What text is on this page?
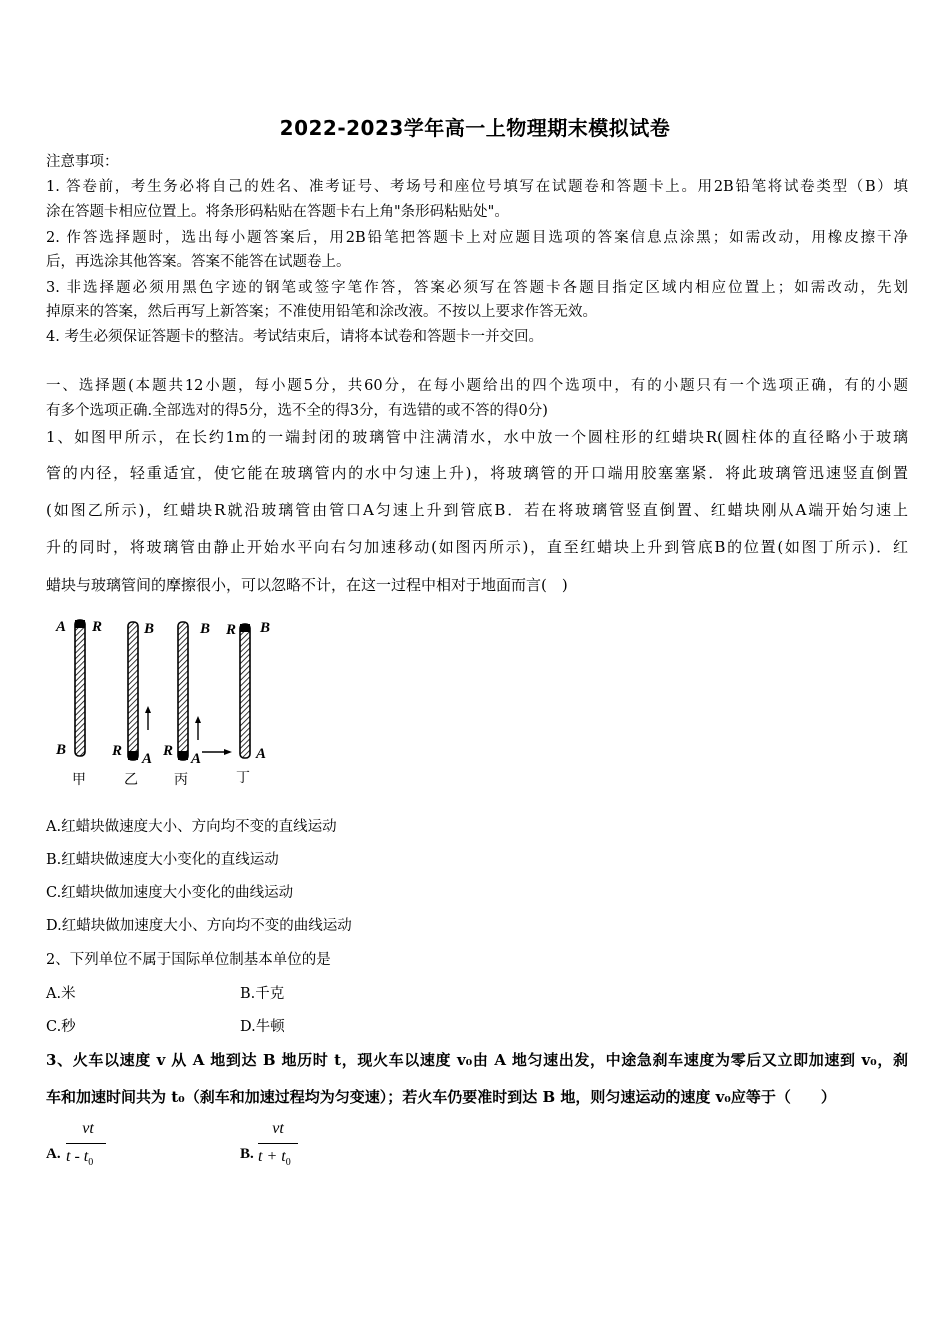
2022-2023学年高一上物理期末模拟试卷
注意事项：
1. 答卷前，考生务必将自己的姓名、准考证号、考场号和座位号填写在试题卷和答题卡上。用2B铅笔将试卷类型（B）填
涂在答题卡相应位置上。将条形码粘贴在答题卡右上角"条形码粘贴处"。
2. 作答选择题时，选出每小题答案后，用2B铅笔把答题卡上对应题目选项的答案信息点涂黑；如需改动，用橡皮擦干净
后，再选涂其他答案。答案不能答在试题卷上。
3. 非选择题必须用黑色字迹的钢笔或签字笔作答，答案必须写在答题卡各题目指定区域内相应位置上；如需改动，先划
掉原来的答案，然后再写上新答案；不准使用铅笔和涂改液。不按以上要求作答无效。
4. 考生必须保证答题卡的整洁。考试结束后，请将本试卷和答题卡一并交回。
一、选择题(本题共12小题，每小题5分，共60分，在每小题给出的四个选项中，有的小题只有一个选项正确，有的小题
有多个选项正确.全部选对的得5分，选不全的得3分，有选错的或不答的得0分)
1、如图甲所示，在长约1m的一端封闭的玻璃管中注满清水，水中放一个圆柱形的红蜡块R(圆柱体的直径略小于玻璃
管的内径，轻重适宜，使它能在玻璃管内的水中匀速上升)，将玻璃管的开口端用胶塞塞紧．将此玻璃管迅速竖直倒置
(如图乙所示)，红蜡块R就沿玻璃管由管口A匀速上升到管底B．若在将玻璃管竖直倒置、红蜡块刚从A端开始匀速上
升的同时，将玻璃管由静止开始水平向右匀加速移动(如图丙所示)，直至红蜡块上升到管底B的位置(如图丁所示)．红
蜡块与玻璃管间的摩擦很小，可以忽略不计，在这一过程中相对于地面而言(　)
A R
B
甲
B
R A
乙
B
R A
丙
R B
A
丁
A.红蜡块做速度大小、方向均不变的直线运动
B.红蜡块做速度大小变化的直线运动
C.红蜡块做加速度大小变化的曲线运动
D.红蜡块做加速度大小、方向均不变的曲线运动
2、下列单位不属于国际单位制基本单位的是
A.米	B.千克
C.秒	D.牛顿
3、火车以速度 v 从 A 地到达 B 地历时 t，现火车以速度 v₀由 A 地匀速出发，中途急刹车速度为零后又立即加速到 v₀，刹
车和加速时间共为 t₀（刹车和加速过程均为匀变速）；若火车仍要准时到达 B 地，则匀速运动的速度 v₀应等于（　　）
A.
vt
t - $t_0$
B.
vt
$t + t_0$
